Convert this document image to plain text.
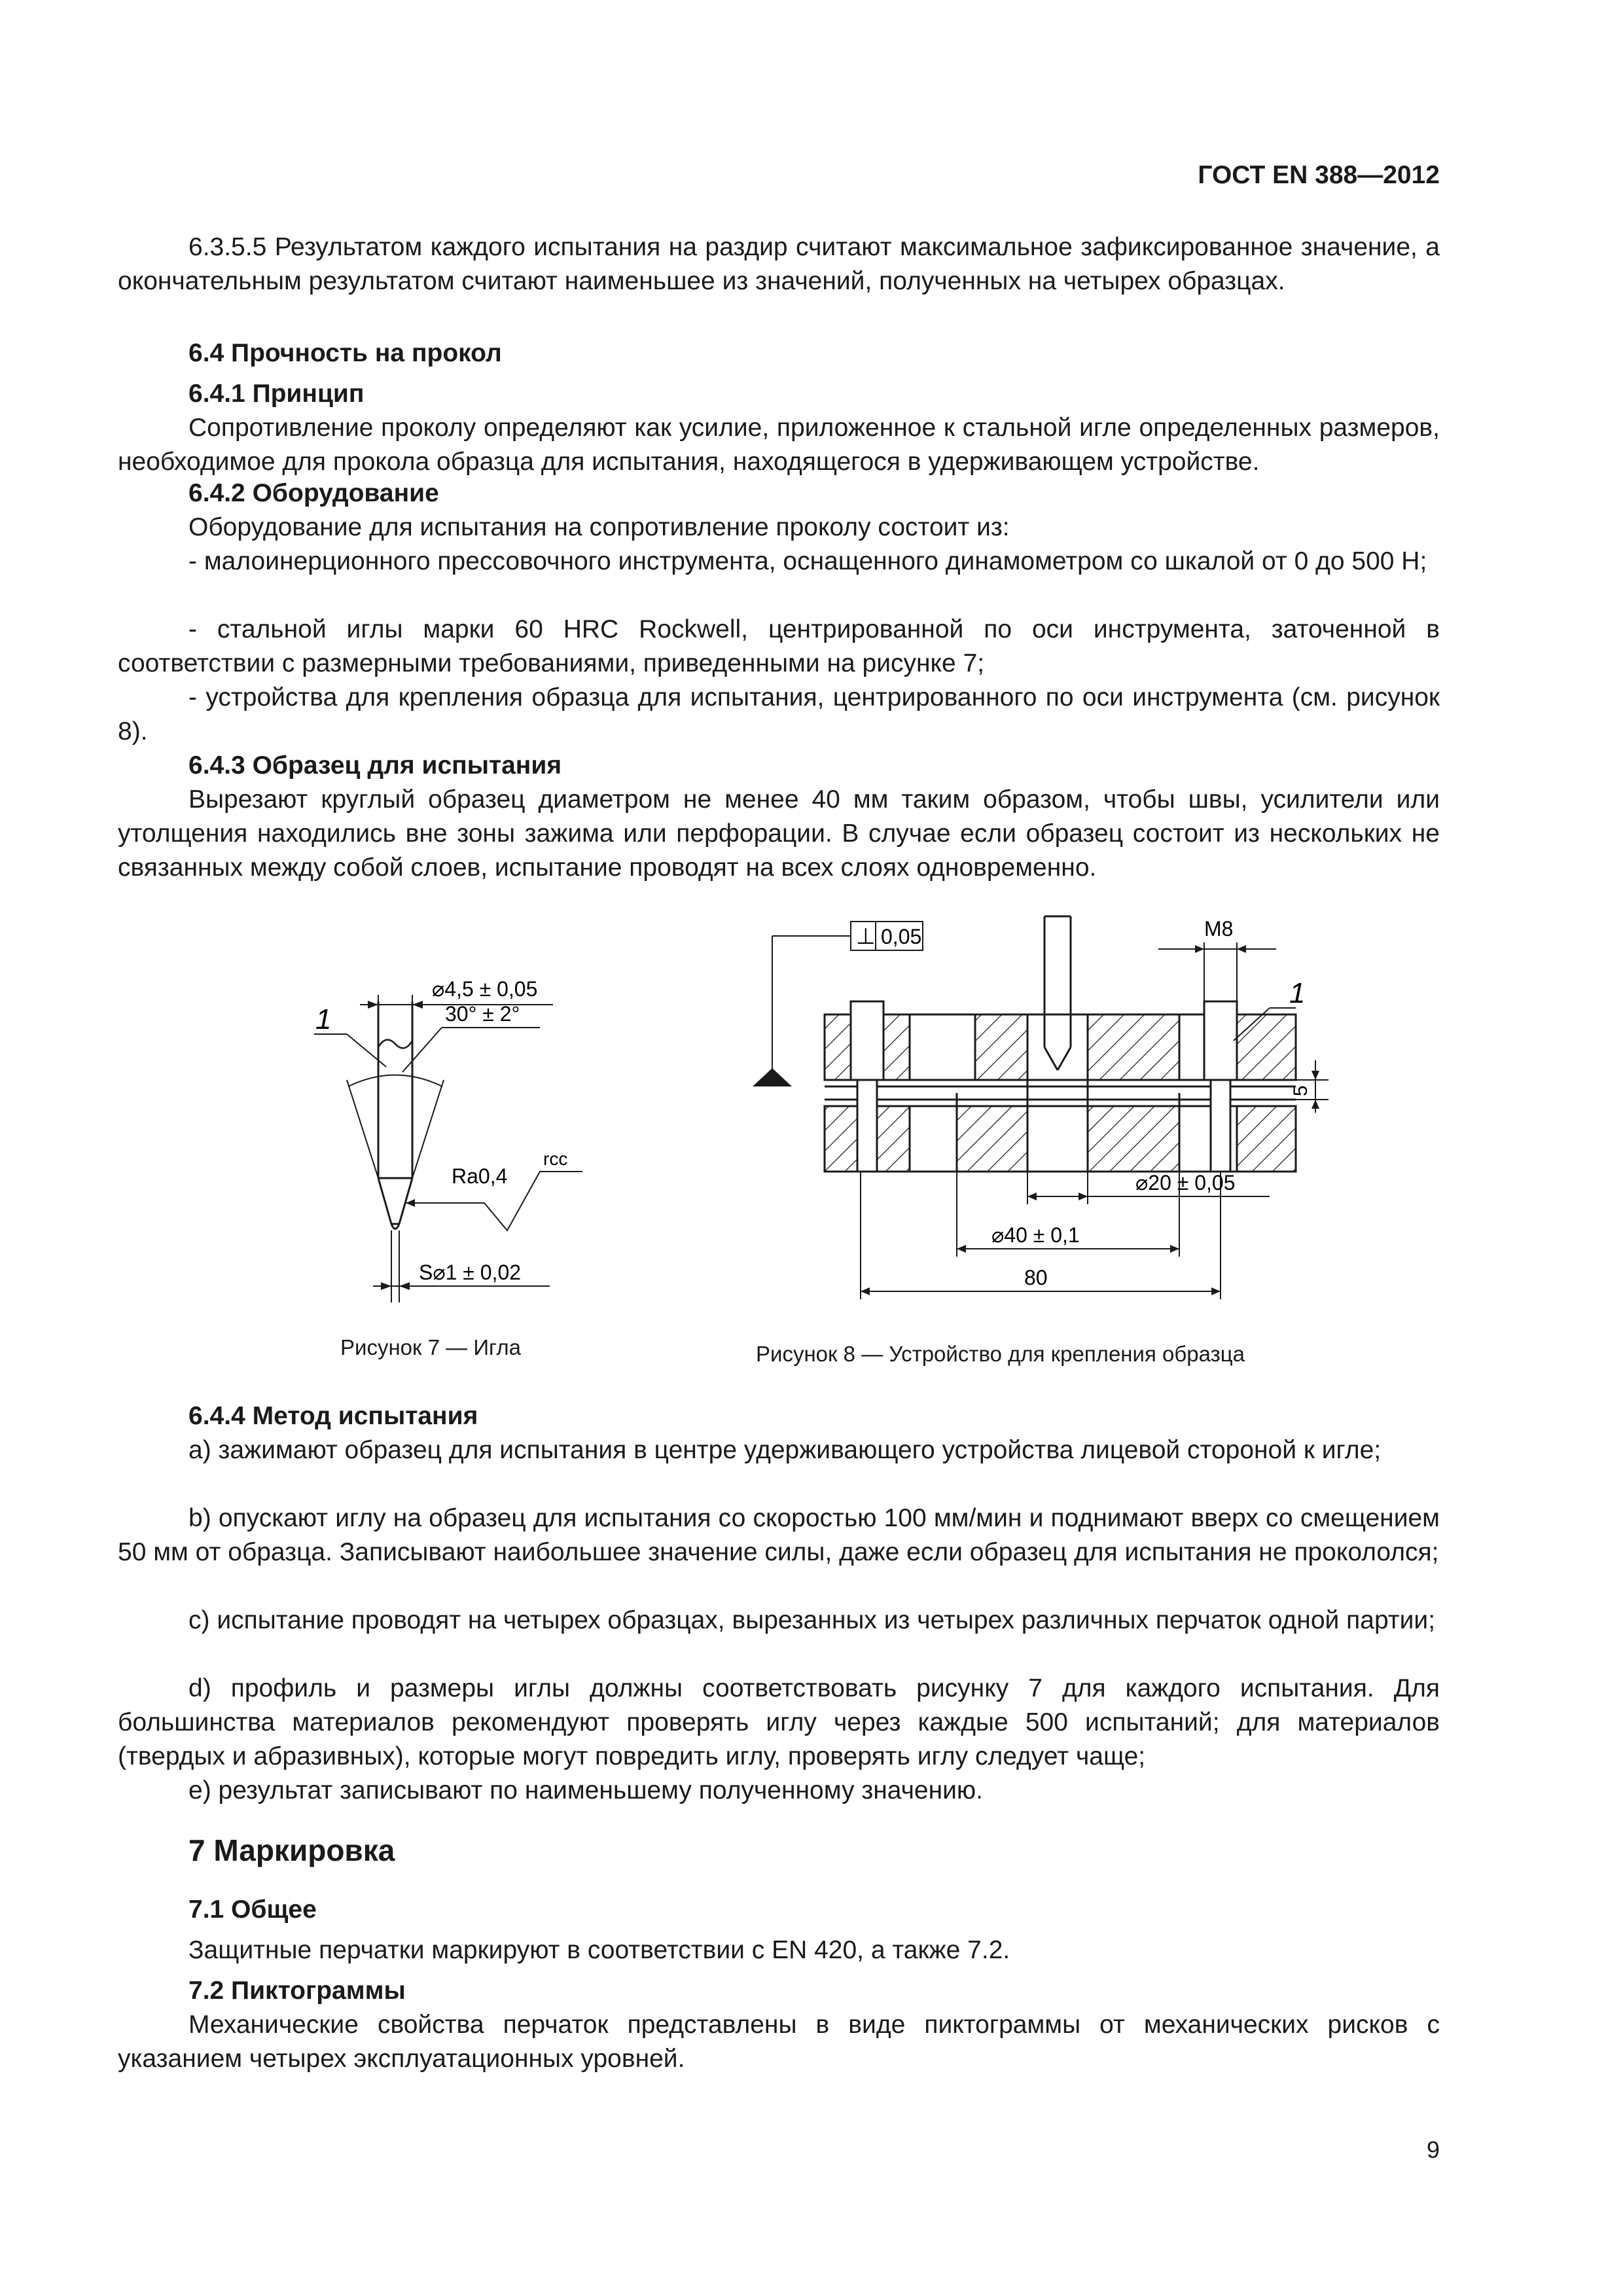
ГОСТ EN 388—2012

6.3.5.5 Результатом каждого испытания на раздир считают максимальное зафиксированное значение, а окончательным результатом считают наименьшее из значений, полученных на четырех образцах.

6.4 Прочность на прокол
6.4.1 Принцип

Сопротивление проколу определяют как усилие, приложенное к стальной игле определенных размеров, необходимое для прокола образца для испытания, находящегося в удерживающем устройстве.

6.4.2 Оборудование
Оборудование для испытания на сопротивление проколу состоит из:

- малоинерционного прессовочного инструмента, оснащенного динамометром со шкалой от 0 до 500 Н;

- стальной иглы марки 60 HRC Rockwell, центрированной по оси инструмента, заточенной в соответствии с размерными требованиями, приведенными на рисунке 7;

- устройства для крепления образца для испытания, центрированного по оси инструмента (см. рисунок 8).

6.4.3 Образец для испытания

Вырезают круглый образец диаметром не менее 40 мм таким образом, чтобы швы, усилители или утолщения находились вне зоны зажима или перфорации. В случае если образец состоит из нескольких не связанных между собой слоев, испытание проводят на всех слоях одновременно.

⌀4,5 ± 0,05
30° ± 2°
1
Ra0,4
rcc
S⌀1 ± 0,02
Рисунок 7 — Игла
⊥ 0,05	M8
1
5
⌀20 ± 0,05
⌀40 ± 0,1
80
Рисунок 8 — Устройство для крепления образца
6.4.4 Метод испытания

а) зажимают образец для испытания в центре удерживающего устройства лицевой стороной к игле;

b) опускают иглу на образец для испытания со скоростью 100 мм/мин и поднимают вверх со смещением 50 мм от образца. Записывают наибольшее значение силы, даже если образец для испытания не прокололся;

с) испытание проводят на четырех образцах, вырезанных из четырех различных перчаток одной партии;

d) профиль и размеры иглы должны соответствовать рисунку 7 для каждого испытания. Для большинства материалов рекомендуют проверять иглу через каждые 500 испытаний; для материалов (твердых и абразивных), которые могут повредить иглу, проверять иглу следует чаще;

е) результат записывают по наименьшему полученному значению.
7 Маркировка
7.1 Общее
Защитные перчатки маркируют в соответствии с EN 420, а также 7.2.
7.2 Пиктограммы

Механические свойства перчаток представлены в виде пиктограммы от механических рисков с указанием четырех эксплуатационных уровней.

9
